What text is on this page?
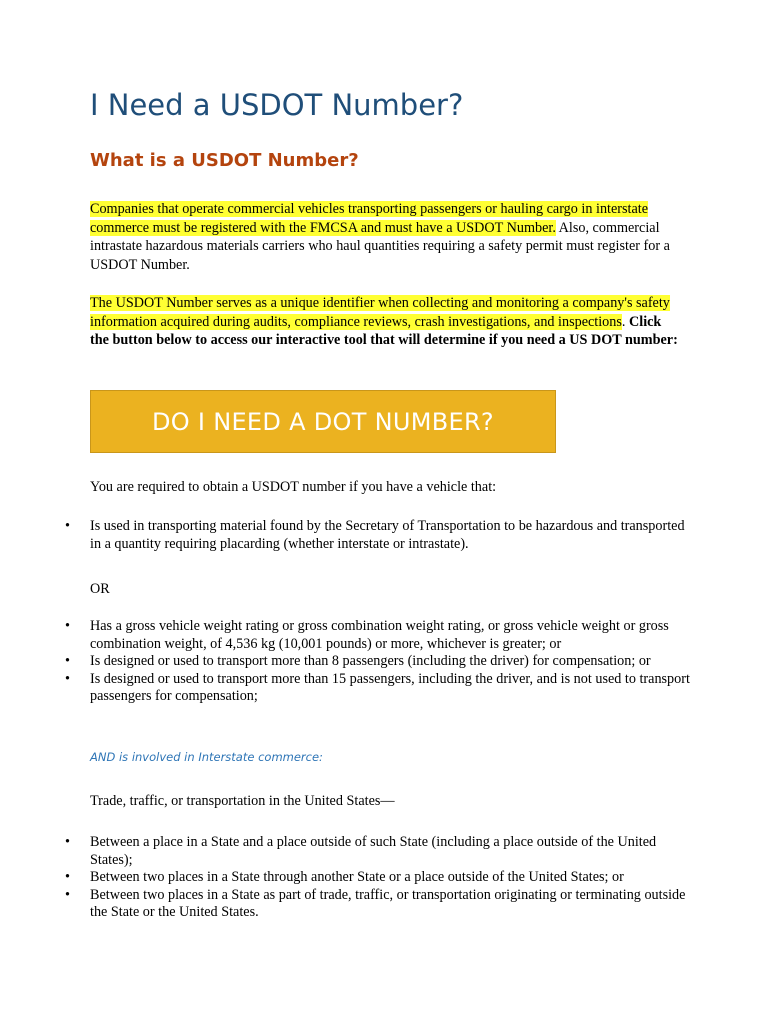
I Need a USDOT Number?
What is a USDOT Number?

Companies that operate commercial vehicles transporting passengers or hauling cargo in interstate commerce must be registered with the FMCSA and must have a USDOT Number. Also, commercial intrastate hazardous materials carriers who haul quantities requiring a safety permit must register for a USDOT Number.

The USDOT Number serves as a unique identifier when collecting and monitoring a company's safety information acquired during audits, compliance reviews, crash investigations, and inspections. Click the button below to access our interactive tool that will determine if you need a US DOT number:

DO I NEED A DOT NUMBER?

You are required to obtain a USDOT number if you have a vehicle that:

• Is used in transporting material found by the Secretary of Transportation to be hazardous and transported in a quantity requiring placarding (whether interstate or intrastate).

OR

• Has a gross vehicle weight rating or gross combination weight rating, or gross vehicle weight or gross combination weight, of 4,536 kg (10,001 pounds) or more, whichever is greater; or
• Is designed or used to transport more than 8 passengers (including the driver) for compensation; or
• Is designed or used to transport more than 15 passengers, including the driver, and is not used to transport passengers for compensation;

AND is involved in Interstate commerce:

Trade, traffic, or transportation in the United States—

• Between a place in a State and a place outside of such State (including a place outside of the United States);
• Between two places in a State through another State or a place outside of the United States; or
• Between two places in a State as part of trade, traffic, or transportation originating or terminating outside the State or the United States.
